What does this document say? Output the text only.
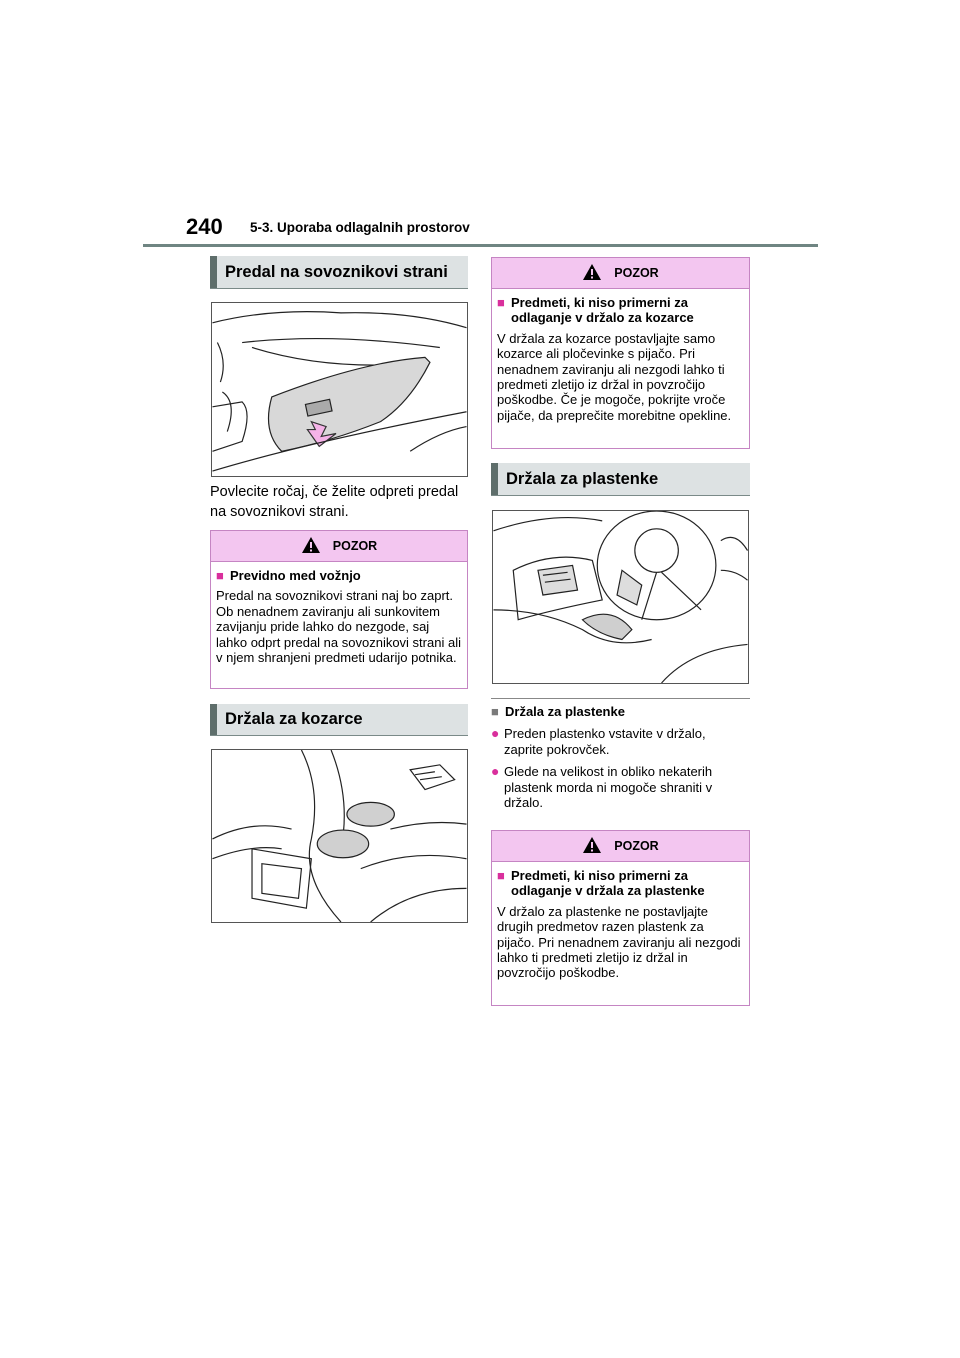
240 5-3. Uporaba odlagalnih prostorov
Predal na sovoznikovi strani
Povlecite ročaj, če želite odpreti predal na sovoznikovi strani.
POZOR
■ Previdno med vožnjo
Predal na sovoznikovi strani naj bo zaprt. Ob nenadnem zaviranju ali sunkovitem zavijanju pride lahko do nezgode, saj lahko odprt predal na sovoznikovi strani ali v njem shranjeni predmeti udarijo potnika.
Držala za kozarce
POZOR
■ Predmeti, ki niso primerni za odlaganje v držalo za kozarce
V držala za kozarce postavljajte samo kozarce ali pločevinke s pijačo. Pri nenadnem zaviranju ali nezgodi lahko ti predmeti zletijo iz držal in povzročijo poškodbe. Če je mogoče, pokrijte vroče pijače, da preprečite morebitne opekline.
Držala za plastenke
■ Držala za plastenke
● Preden plastenko vstavite v držalo, zaprite pokrovček.
● Glede na velikost in obliko nekaterih plastenk morda ni mogoče shraniti v držalo.
POZOR
■ Predmeti, ki niso primerni za odlaganje v držala za plastenke
V držalo za plastenke ne postavljajte drugih predmetov razen plastenk za pijačo. Pri nenadnem zaviranju ali nezgodi lahko ti predmeti zletijo iz držal in povzročijo poškodbe.
